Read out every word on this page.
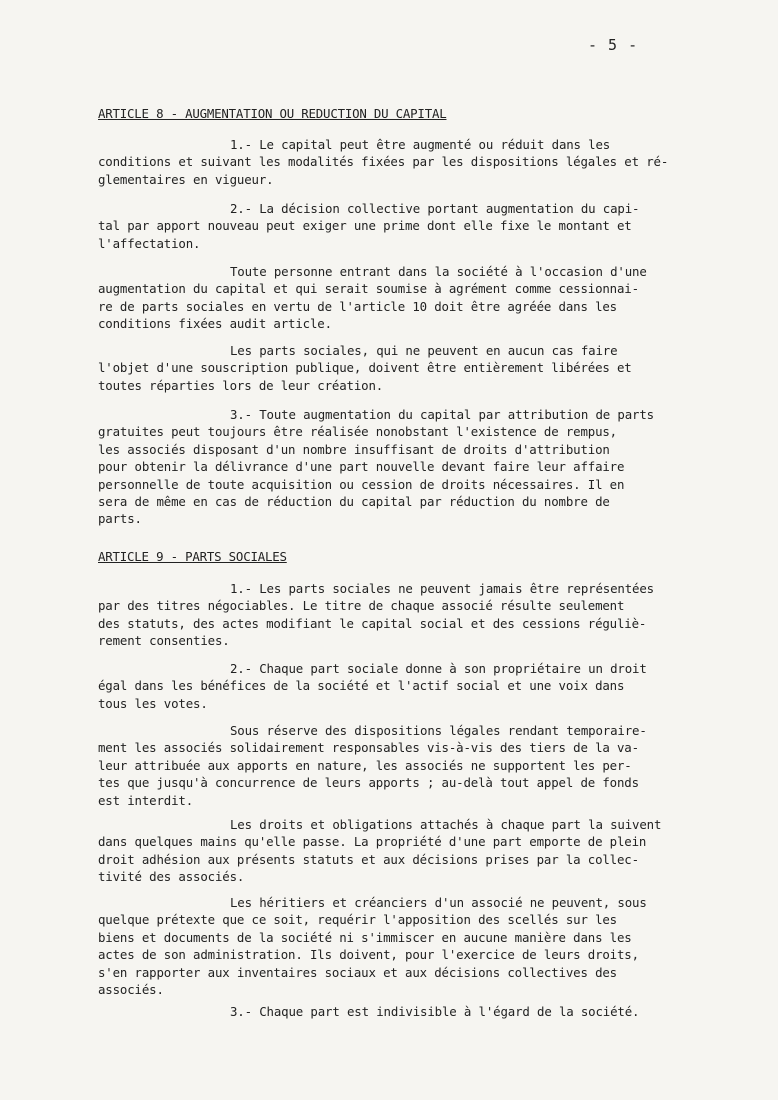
- 5 -
ARTICLE 8 - AUGMENTATION OU REDUCTION DU CAPITAL
1.- Le capital peut être augmenté ou réduit dans les
conditions et suivant les modalités fixées par les dispositions légales et ré-
glementaires en vigueur.
2.- La décision collective portant augmentation du capi-
tal par apport nouveau peut exiger une prime dont elle fixe le montant et
l'affectation.
Toute personne entrant dans la société à l'occasion d'une
augmentation du capital et qui serait soumise à agrément comme cessionnai-
re de parts sociales en vertu de l'article 10 doit être agréée dans les
conditions fixées audit article.
Les parts sociales, qui ne peuvent en aucun cas faire
l'objet d'une souscription publique, doivent être entièrement libérées et
toutes réparties lors de leur création.
3.- Toute augmentation du capital par attribution de parts
gratuites peut toujours être réalisée nonobstant l'existence de rempus,
les associés disposant d'un nombre insuffisant de droits d'attribution
pour obtenir la délivrance d'une part nouvelle devant faire leur affaire
personnelle de toute acquisition ou cession de droits nécessaires. Il en
sera de même en cas de réduction du capital par réduction du nombre de
parts.
ARTICLE 9 - PARTS SOCIALES
1.- Les parts sociales ne peuvent jamais être représentées
par des titres négociables. Le titre de chaque associé résulte seulement
des statuts, des actes modifiant le capital social et des cessions réguliè-
rement consenties.
2.- Chaque part sociale donne à son propriétaire un droit
égal dans les bénéfices de la société et l'actif social et une voix dans
tous les votes.
Sous réserve des dispositions légales rendant temporaire-
ment les associés solidairement responsables vis-à-vis des tiers de la va-
leur attribuée aux apports en nature, les associés ne supportent les per-
tes que jusqu'à concurrence de leurs apports ; au-delà tout appel de fonds
est interdit.
Les droits et obligations attachés à chaque part la suivent
dans quelques mains qu'elle passe. La propriété d'une part emporte de plein
droit adhésion aux présents statuts et aux décisions prises par la collec-
tivité des associés.
Les héritiers et créanciers d'un associé ne peuvent, sous
quelque prétexte que ce soit, requérir l'apposition des scellés sur les
biens et documents de la société ni s'immiscer en aucune manière dans les
actes de son administration. Ils doivent, pour l'exercice de leurs droits,
s'en rapporter aux inventaires sociaux et aux décisions collectives des
associés.
3.- Chaque part est indivisible à l'égard de la société.
